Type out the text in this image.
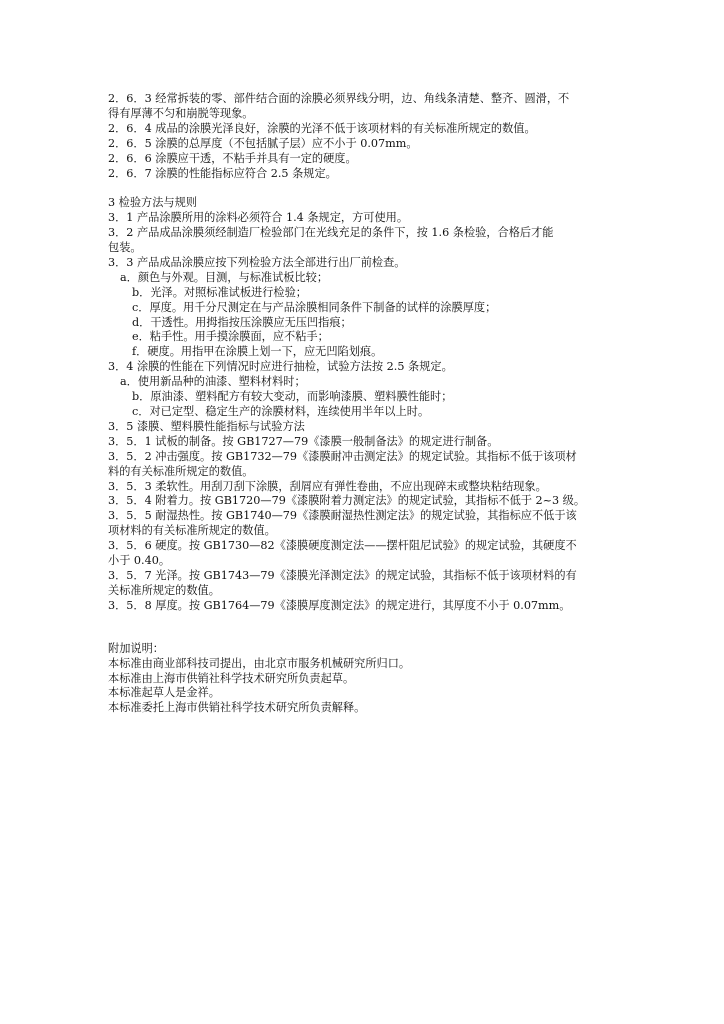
2．6．3 经常拆装的零、部件结合面的涂膜必须界线分明，边、角线条清楚、整齐、圆滑，不

得有厚薄不匀和崩脱等现象。

2．6．4 成品的涂膜光泽良好，涂膜的光泽不低于该项材料的有关标准所规定的数值。

2．6．5 涂膜的总厚度（不包括腻子层）应不小于 0.07mm。

2．6．6 涂膜应干透，不粘手并具有一定的硬度。

2．6．7 涂膜的性能指标应符合 2.5 条规定。

3 检验方法与规则

3．1 产品涂膜所用的涂料必须符合 1.4 条规定，方可使用。

3．2 产品成品涂膜须经制造厂检验部门在光线充足的条件下，按 1.6 条检验，合格后才能

包装。

3．3 产品成品涂膜应按下列检验方法全部进行出厂前检查。

a．颜色与外观。目测，与标准试板比较；

b．光泽。对照标准试板进行检验；

c．厚度。用千分尺测定在与产品涂膜相同条件下制备的试样的涂膜厚度；

d．干透性。用拇指按压涂膜应无压凹指痕；

e．粘手性。用手摸涂膜面，应不粘手；

f．硬度。用指甲在涂膜上划一下，应无凹陷划痕。

3．4 涂膜的性能在下列情况时应进行抽检，试验方法按 2.5 条规定。

a．使用新品种的油漆、塑料材料时；

b．原油漆、塑料配方有较大变动，而影响漆膜、塑料膜性能时；

c．对已定型、稳定生产的涂膜材料，连续使用半年以上时。

3．5 漆膜、塑料膜性能指标与试验方法

3．5．1 试板的制备。按 GB1727—79《漆膜一般制备法》的规定进行制备。

3．5．2 冲击强度。按 GB1732—79《漆膜耐冲击测定法》的规定试验。其指标不低于该项材

料的有关标准所规定的数值。

3．5．3 柔软性。用刮刀刮下涂膜，刮屑应有弹性卷曲，不应出现碎末或整块粘结现象。

3．5．4 附着力。按 GB1720—79《漆膜附着力测定法》的规定试验，其指标不低于 2~3 级。

3．5．5 耐湿热性。按 GB1740—79《漆膜耐湿热性测定法》的规定试验，其指标应不低于该

项材料的有关标准所规定的数值。

3．5．6 硬度。按 GB1730—82《漆膜硬度测定法——摆杆阻尼试验》的规定试验，其硬度不

小于 0.40。

3．5．7 光泽。按 GB1743—79《漆膜光泽测定法》的规定试验，其指标不低于该项材料的有

关标准所规定的数值。

3．5．8 厚度。按 GB1764—79《漆膜厚度测定法》的规定进行，其厚度不小于 0.07mm。

附加说明：

本标准由商业部科技司提出，由北京市服务机械研究所归口。

本标准由上海市供销社科学技术研究所负责起草。

本标准起草人是金祥。

本标准委托上海市供销社科学技术研究所负责解释。
